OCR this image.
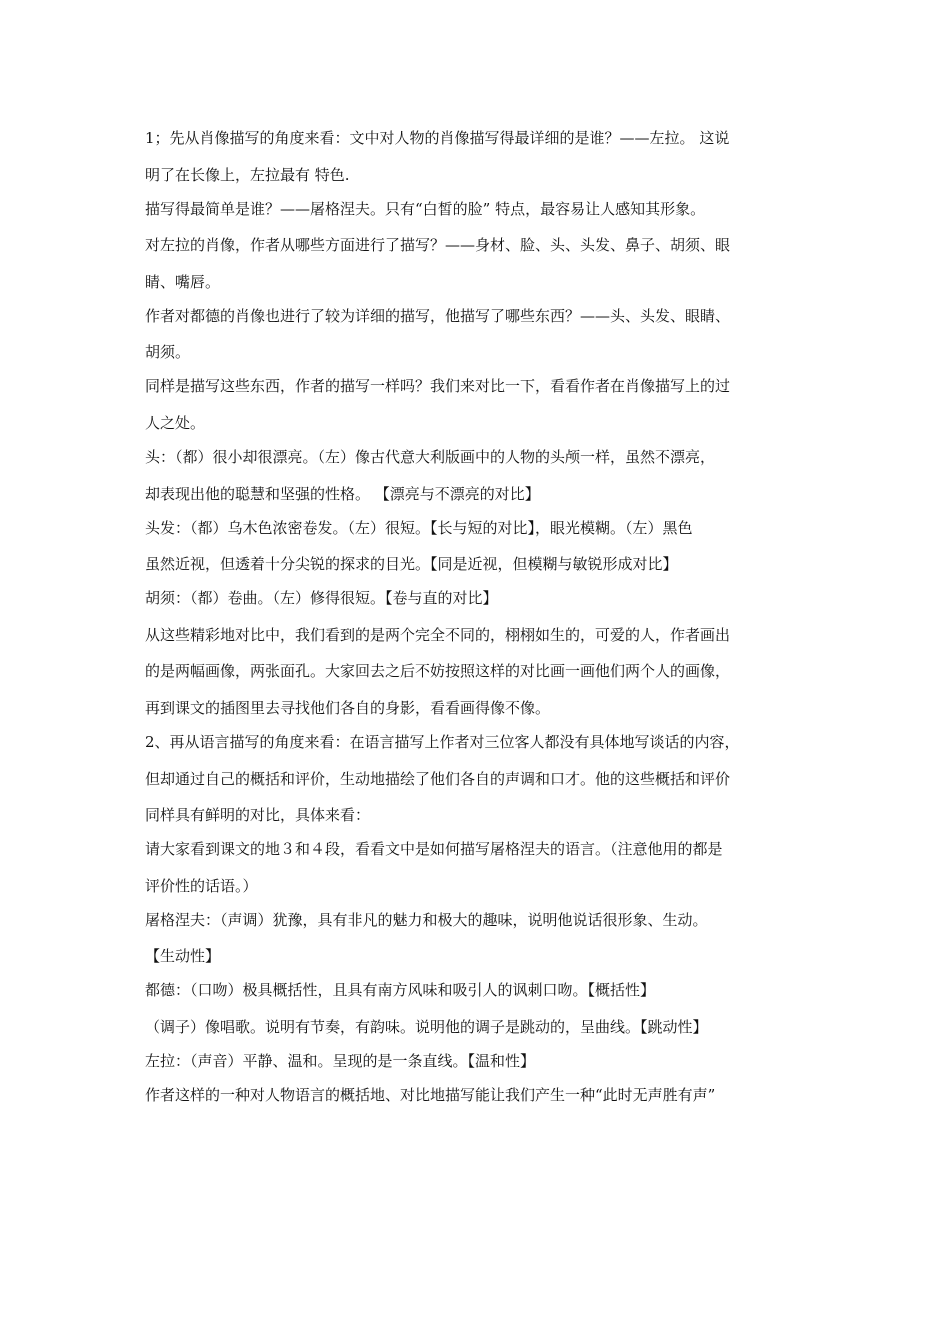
1；先从肖像描写的角度来看：文中对人物的肖像描写得最详细的是谁？——左拉。 这说
明了在长像上，左拉最有 特色.
描写得最简单是谁？——屠格涅夫。只有“白皙的脸” 特点，最容易让人感知其形象。
对左拉的肖像，作者从哪些方面进行了描写？——身材、脸、头、头发、鼻子、胡须、眼
睛、嘴唇。
作者对都德的肖像也进行了较为详细的描写，他描写了哪些东西？——头、头发、眼睛、
胡须。
同样是描写这些东西，作者的描写一样吗？我们来对比一下，看看作者在肖像描写上的过
人之处。
头：（都）很小却很漂亮。（左）像古代意大利版画中的人物的头颅一样，虽然不漂亮，
却表现出他的聪慧和坚强的性格。 【漂亮与不漂亮的对比】
头发：（都）乌木色浓密卷发。（左）很短。【长与短的对比】，眼光模糊。（左）黑色
虽然近视，但透着十分尖锐的探求的目光。【同是近视，但模糊与敏锐形成对比】
胡须：（都）卷曲。（左）修得很短。【卷与直的对比】
从这些精彩地对比中，我们看到的是两个完全不同的，栩栩如生的，可爱的人，作者画出
的是两幅画像，两张面孔。大家回去之后不妨按照这样的对比画一画他们两个人的画像，
再到课文的插图里去寻找他们各自的身影，看看画得像不像。
2、再从语言描写的角度来看：在语言描写上作者对三位客人都没有具体地写谈话的内容，
但却通过自己的概括和评价，生动地描绘了他们各自的声调和口才。他的这些概括和评价
同样具有鲜明的对比，具体来看：
请大家看到课文的地３和４段，看看文中是如何描写屠格涅夫的语言。（注意他用的都是
评价性的话语。）
屠格涅夫：（声调）犹豫，具有非凡的魅力和极大的趣味，说明他说话很形象、生动。
【生动性】
都德：（口吻）极具概括性，且具有南方风味和吸引人的讽刺口吻。【概括性】
（调子）像唱歌。说明有节奏，有韵味。说明他的调子是跳动的，呈曲线。【跳动性】
左拉：（声音）平静、温和。呈现的是一条直线。【温和性】
作者这样的一种对人物语言的概括地、对比地描写能让我们产生一种“此时无声胜有声”
